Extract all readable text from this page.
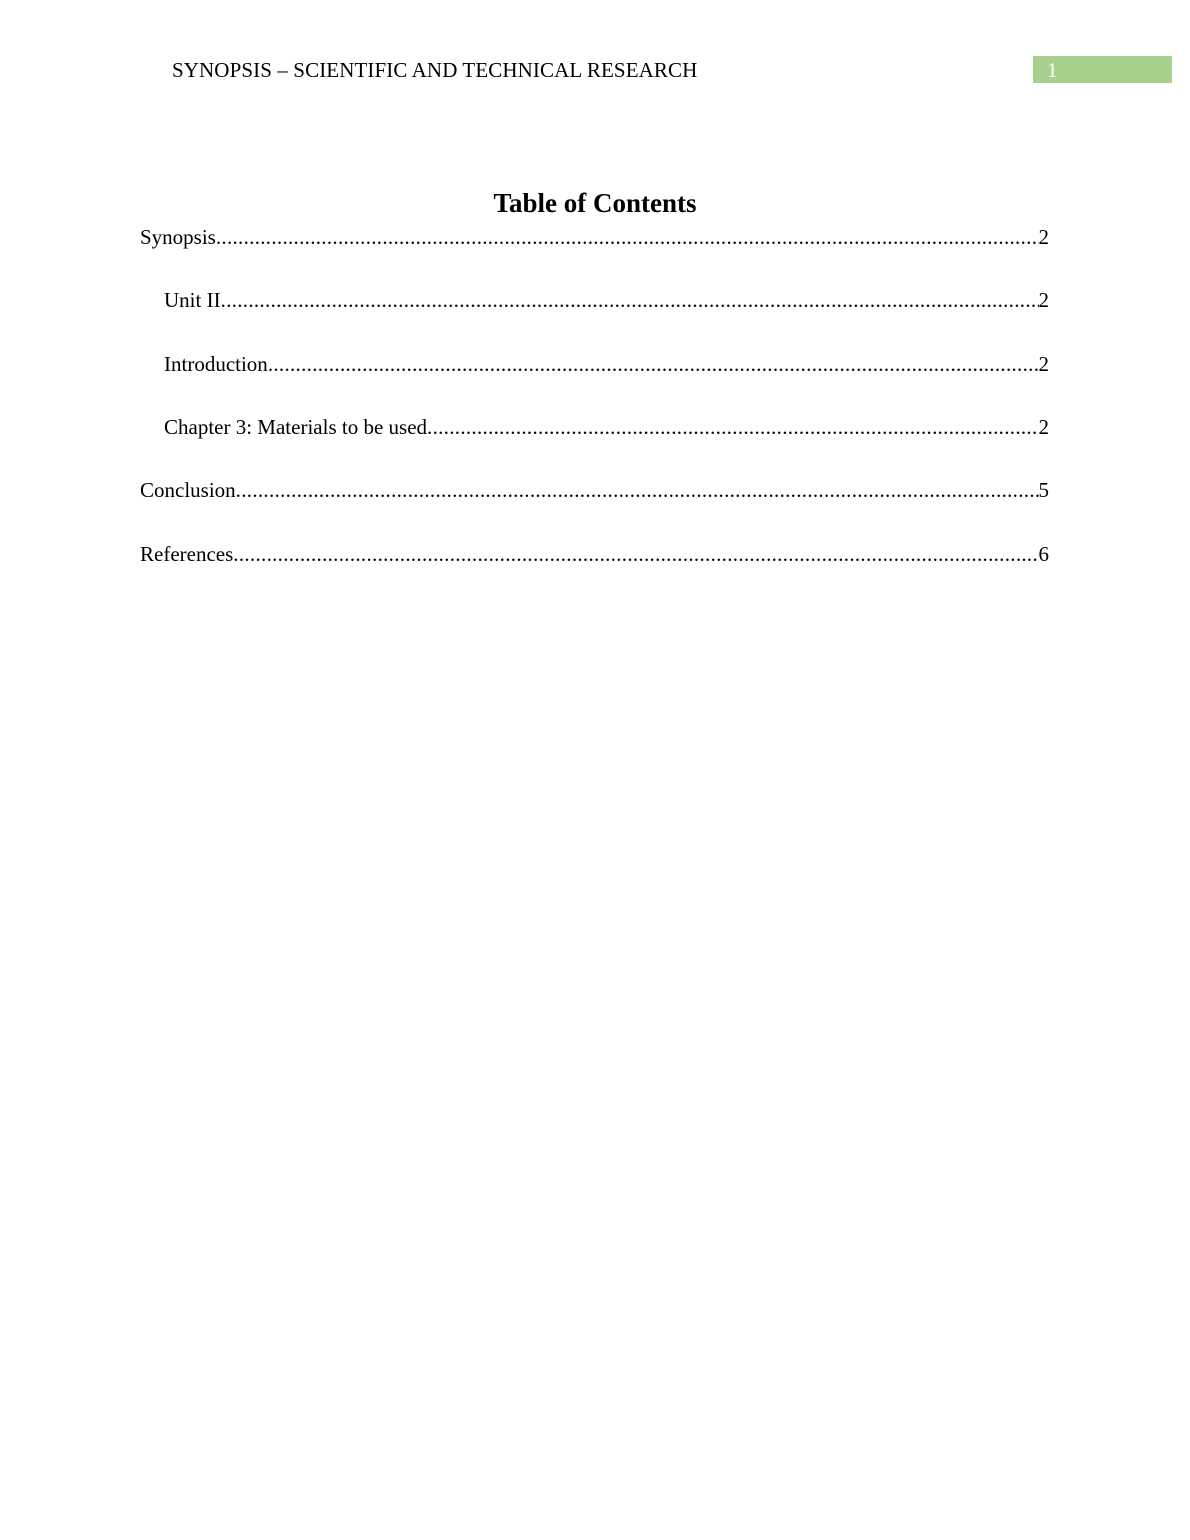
SYNOPSIS – SCIENTIFIC AND TECHNICAL RESEARCH	1
Table of Contents
Synopsis .....	2
Unit II .....	2
Introduction .....	2
Chapter 3: Materials to be used .....	2
Conclusion .....	5
References .....	6
